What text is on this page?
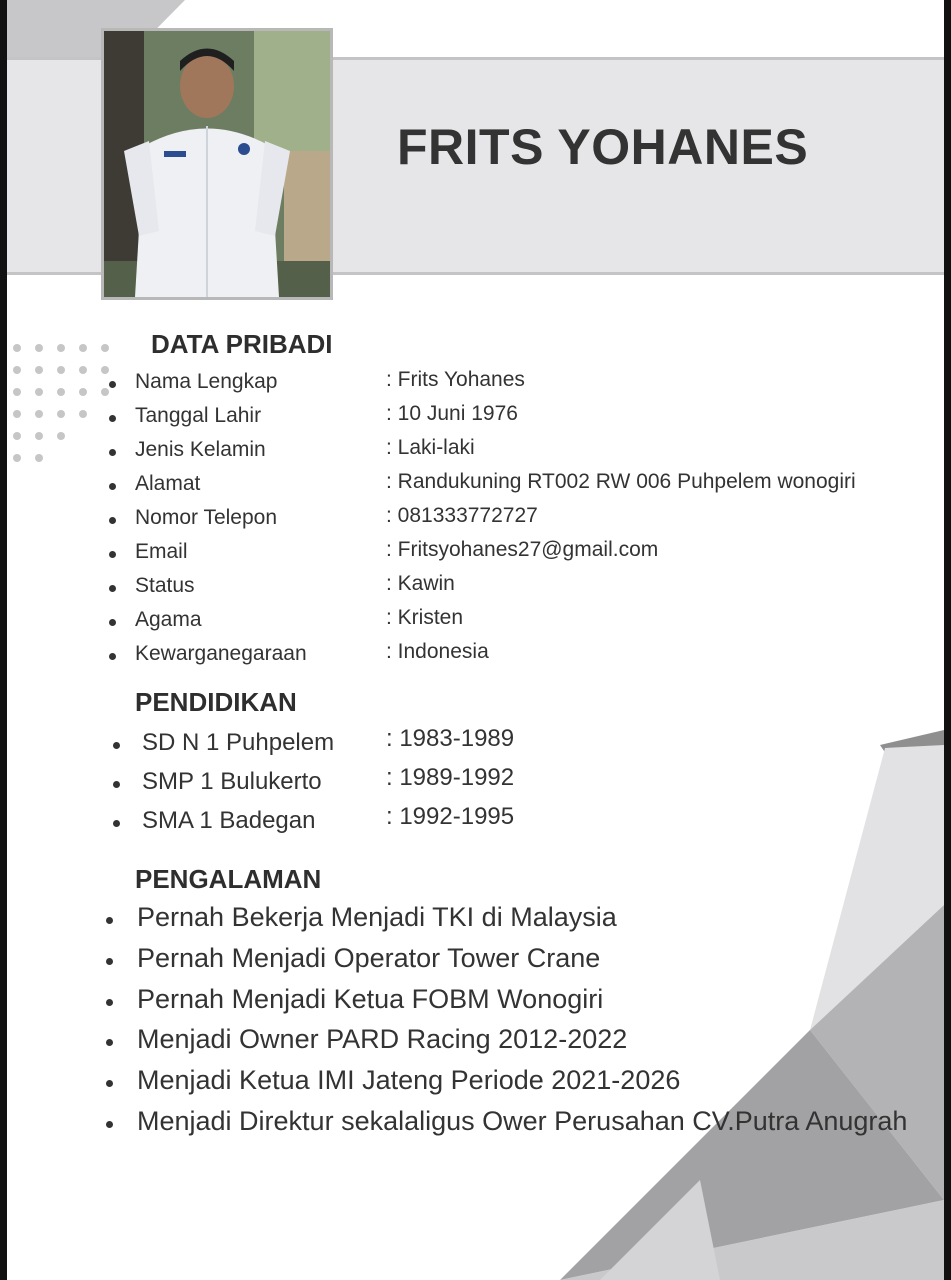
FRITS YOHANES
DATA PRIBADI
Nama Lengkap	: Frits Yohanes
Tanggal Lahir	: 10 Juni 1976
Jenis Kelamin	: Laki-laki
Alamat	: Randukuning RT002 RW 006 Puhpelem wonogiri
Nomor Telepon	: 081333772727
Email	: Fritsyohanes27@gmail.com
Status	: Kawin
Agama	: Kristen
Kewarganegaraan	: Indonesia
PENDIDIKAN
SD N 1 Puhpelem : 1983-1989
SMP 1 Bulukerto	: 1989-1992
SMA 1 Badegan	: 1992-1995
PENGALAMAN
Pernah Bekerja Menjadi TKI di Malaysia
Pernah Menjadi Operator Tower Crane
Pernah Menjadi Ketua FOBM Wonogiri
Menjadi Owner PARD Racing 2012-2022
Menjadi Ketua IMI Jateng Periode 2021-2026
Menjadi Direktur sekalaligus Ower Perusahan CV.Putra Anugrah
